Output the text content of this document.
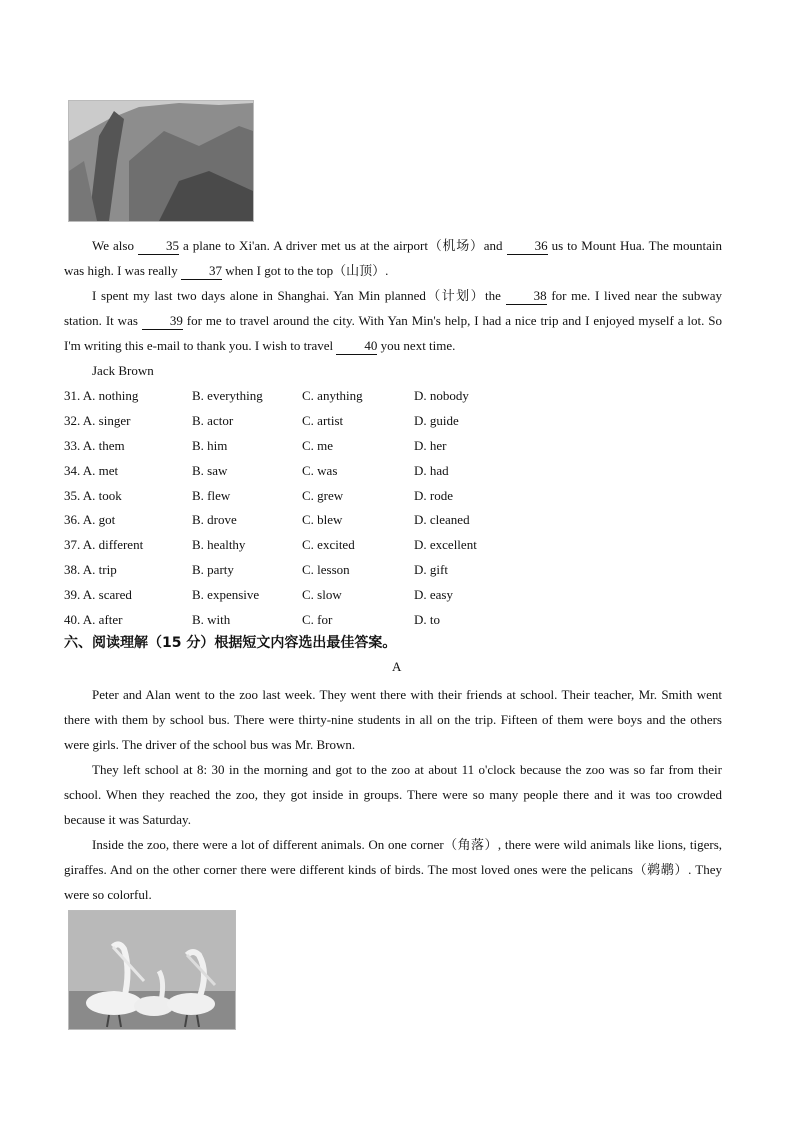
We also 35 a plane to Xi'an. A driver met us at the airport（机场）and 36 us to Mount Hua. The mountain was high. I was really 37 when I got to the top（山顶）.

I spent my last two days alone in Shanghai. Yan Min planned（计划）the	38 for me. I lived near the subway station. It was 39 for me to travel around the city. With Yan Min's help, I had a nice trip and I enjoyed myself a lot. So I'm writing this e-mail to thank you. I wish to travel 40 you next time.

Jack Brown
31. A. nothing	B. everything	C. anything	D. nobody
32. A. singer	B. actor	C. artist	D. guide
33. A. them	B. him	C. me	D. her
34. A. met	B. saw	C. was	D. had
35. A. took	B. flew	C. grew	D. rode
36. A. got	B. drove	C. blew	D. cleaned
37. A. different	B. healthy	C. excited	D. excellent
38. A. trip	B. party	C. lesson	D. gift
39. A. scared	B. expensive	C. slow	D. easy
40. A. after	B. with	C. for	D. to
六、阅读理解（15 分）根据短文内容选出最佳答案。
A

Peter and Alan went to the zoo last week. They went there with their friends at school. Their teacher, Mr. Smith went there with them by school bus. There were thirty-nine students in all on the trip. Fifteen of them were boys and the others were girls. The driver of the school bus was Mr. Brown.

They left school at 8: 30 in the morning and got to the zoo at about 11 o'clock because the zoo was so far from their school. When they reached the zoo, they got inside in groups. There were so many people there and it was too crowded because it was Saturday.

Inside the zoo, there were a lot of different animals. On one corner（角落）, there were wild animals like lions, tigers, giraffes. And on the other corner there were different kinds of birds. The most loved ones were the pelicans（鹈鹕）. They were so colorful.
